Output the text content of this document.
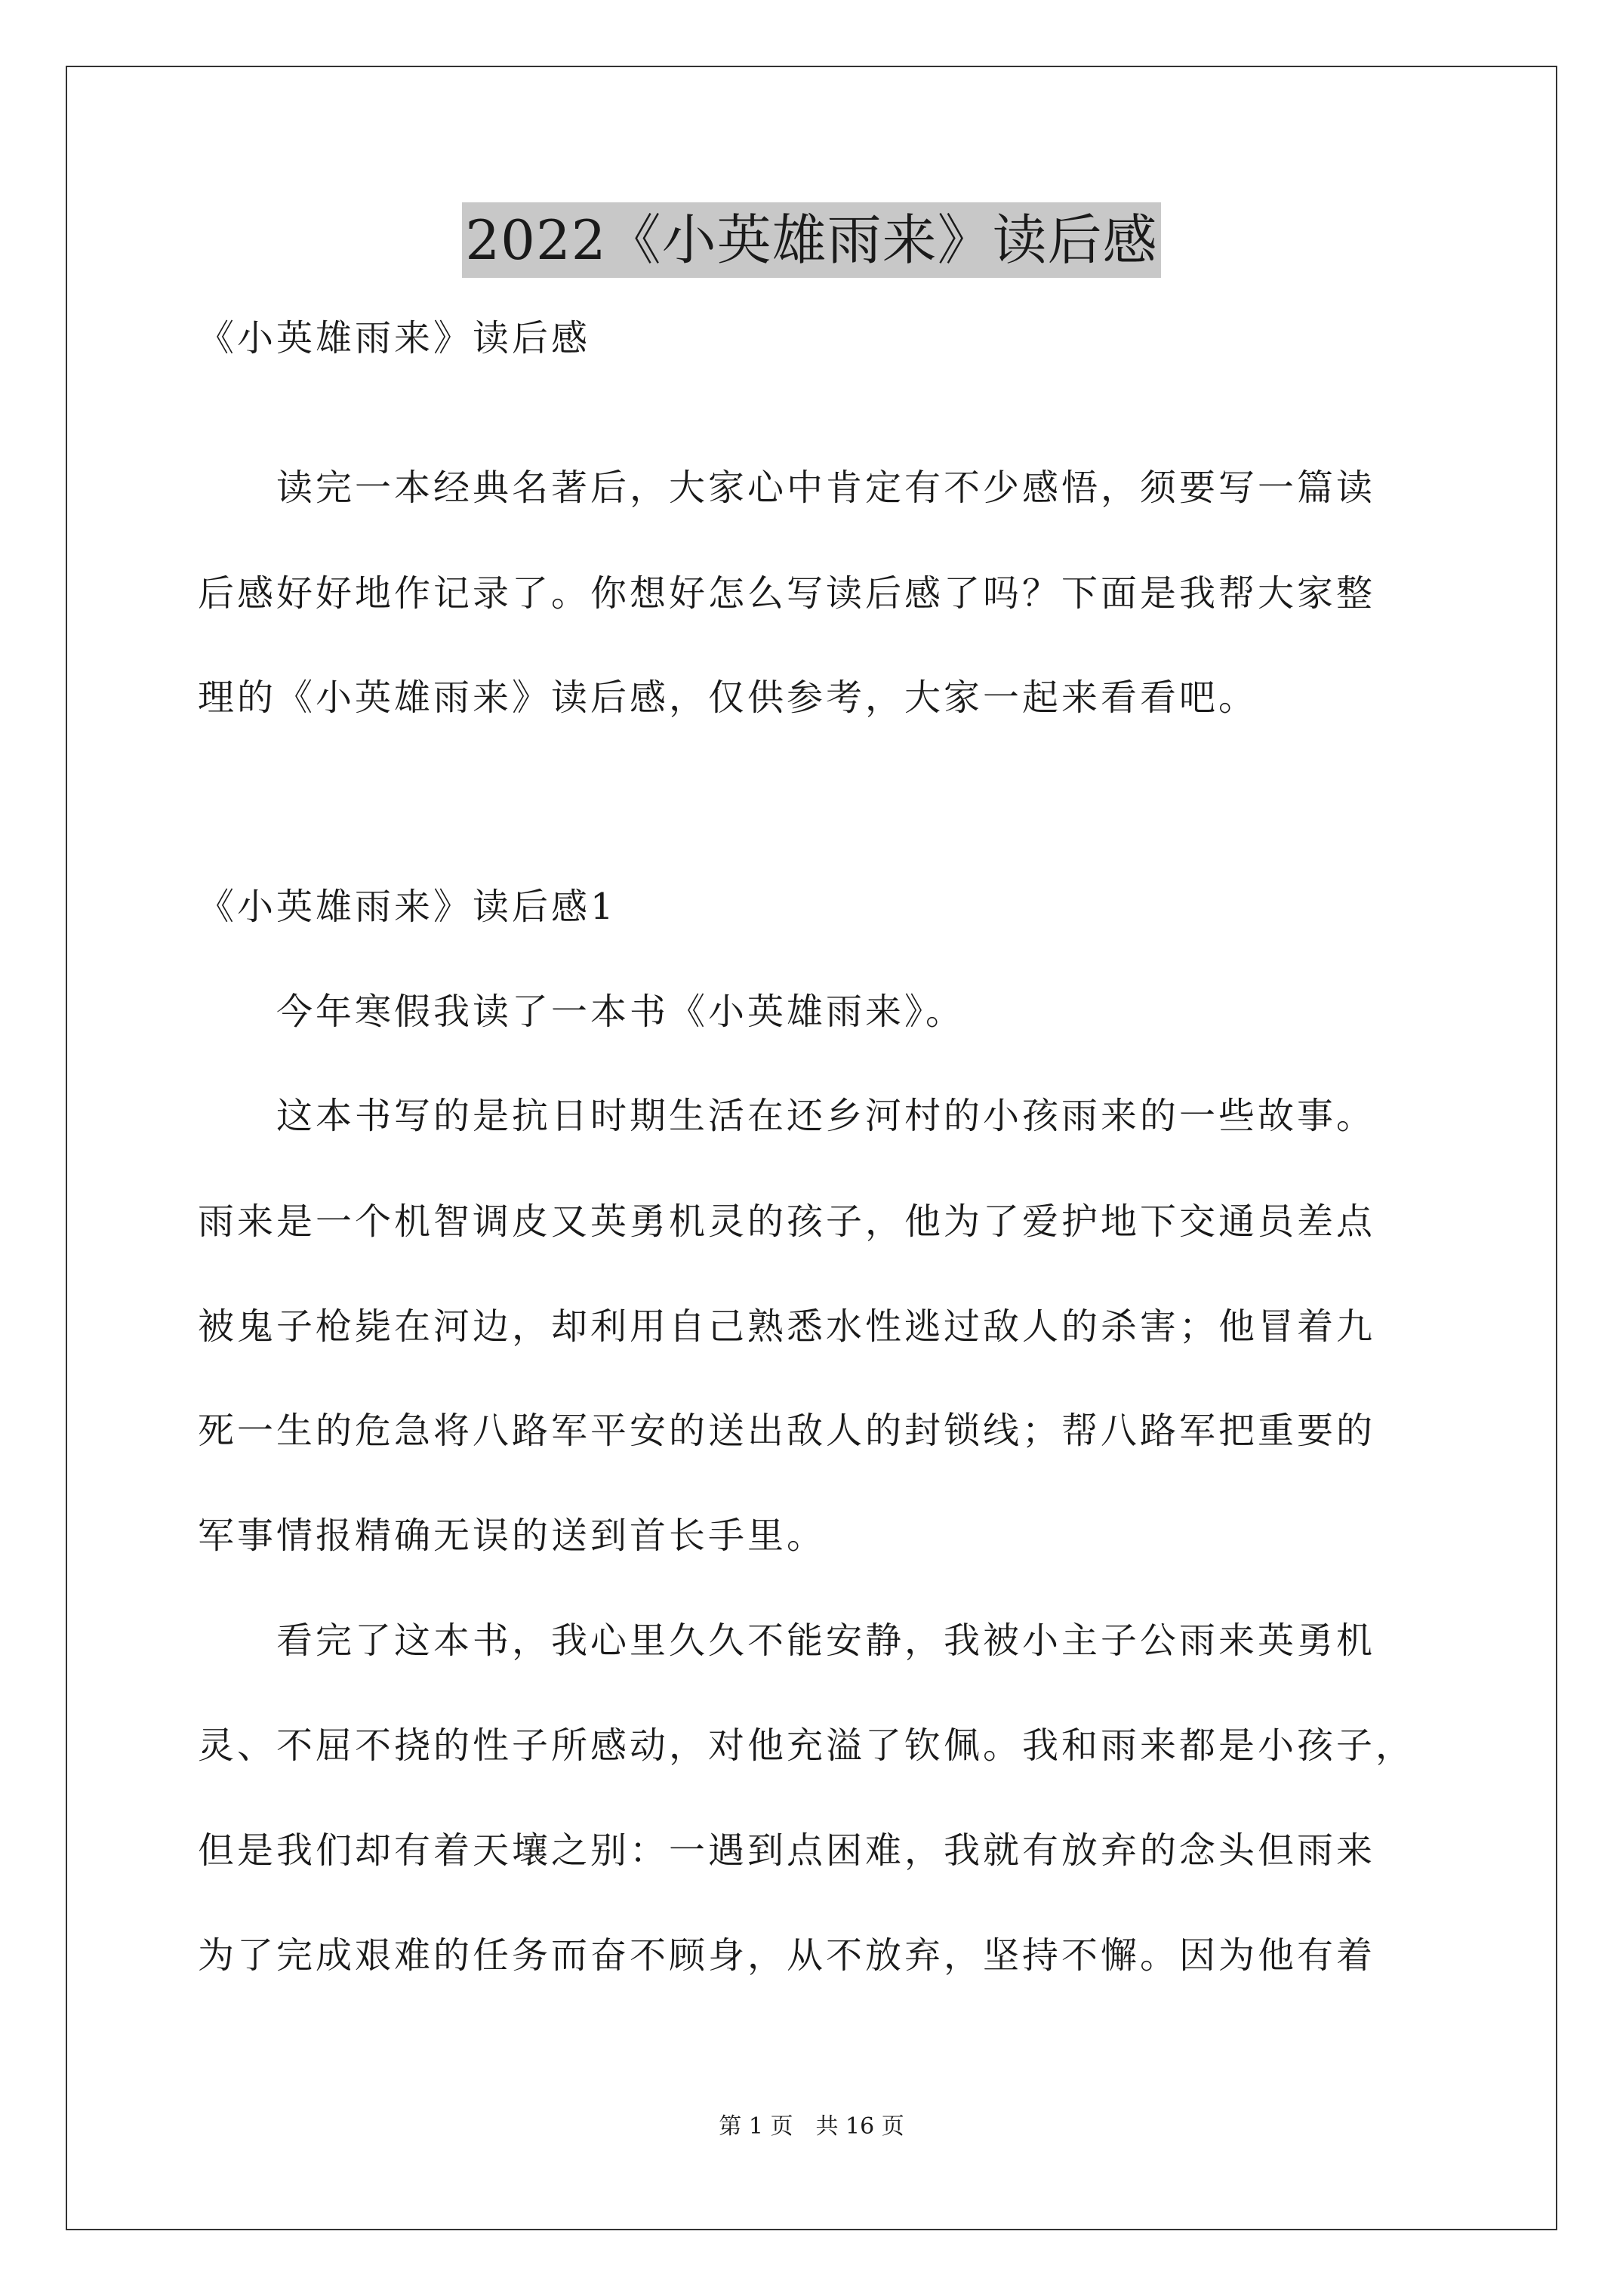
2022《小英雄雨来》读后感
《小英雄雨来》读后感
　　读完一本经典名著后，大家心中肯定有不少感悟，须要写一篇读
后感好好地作记录了。你想好怎么写读后感了吗？下面是我帮大家整
理的《小英雄雨来》读后感，仅供参考，大家一起来看看吧。
《小英雄雨来》读后感1
　　今年寒假我读了一本书《小英雄雨来》。
　　这本书写的是抗日时期生活在还乡河村的小孩雨来的一些故事。
雨来是一个机智调皮又英勇机灵的孩子，他为了爱护地下交通员差点
被鬼子枪毙在河边，却利用自己熟悉水性逃过敌人的杀害；他冒着九
死一生的危急将八路军平安的送出敌人的封锁线；帮八路军把重要的
军事情报精确无误的送到首长手里。
　　看完了这本书，我心里久久不能安静，我被小主子公雨来英勇机
灵、不屈不挠的性子所感动，对他充溢了钦佩。我和雨来都是小孩子，
但是我们却有着天壤之别：一遇到点困难，我就有放弃的念头但雨来
为了完成艰难的任务而奋不顾身，从不放弃，坚持不懈。因为他有着
第 1 页　共 16 页
